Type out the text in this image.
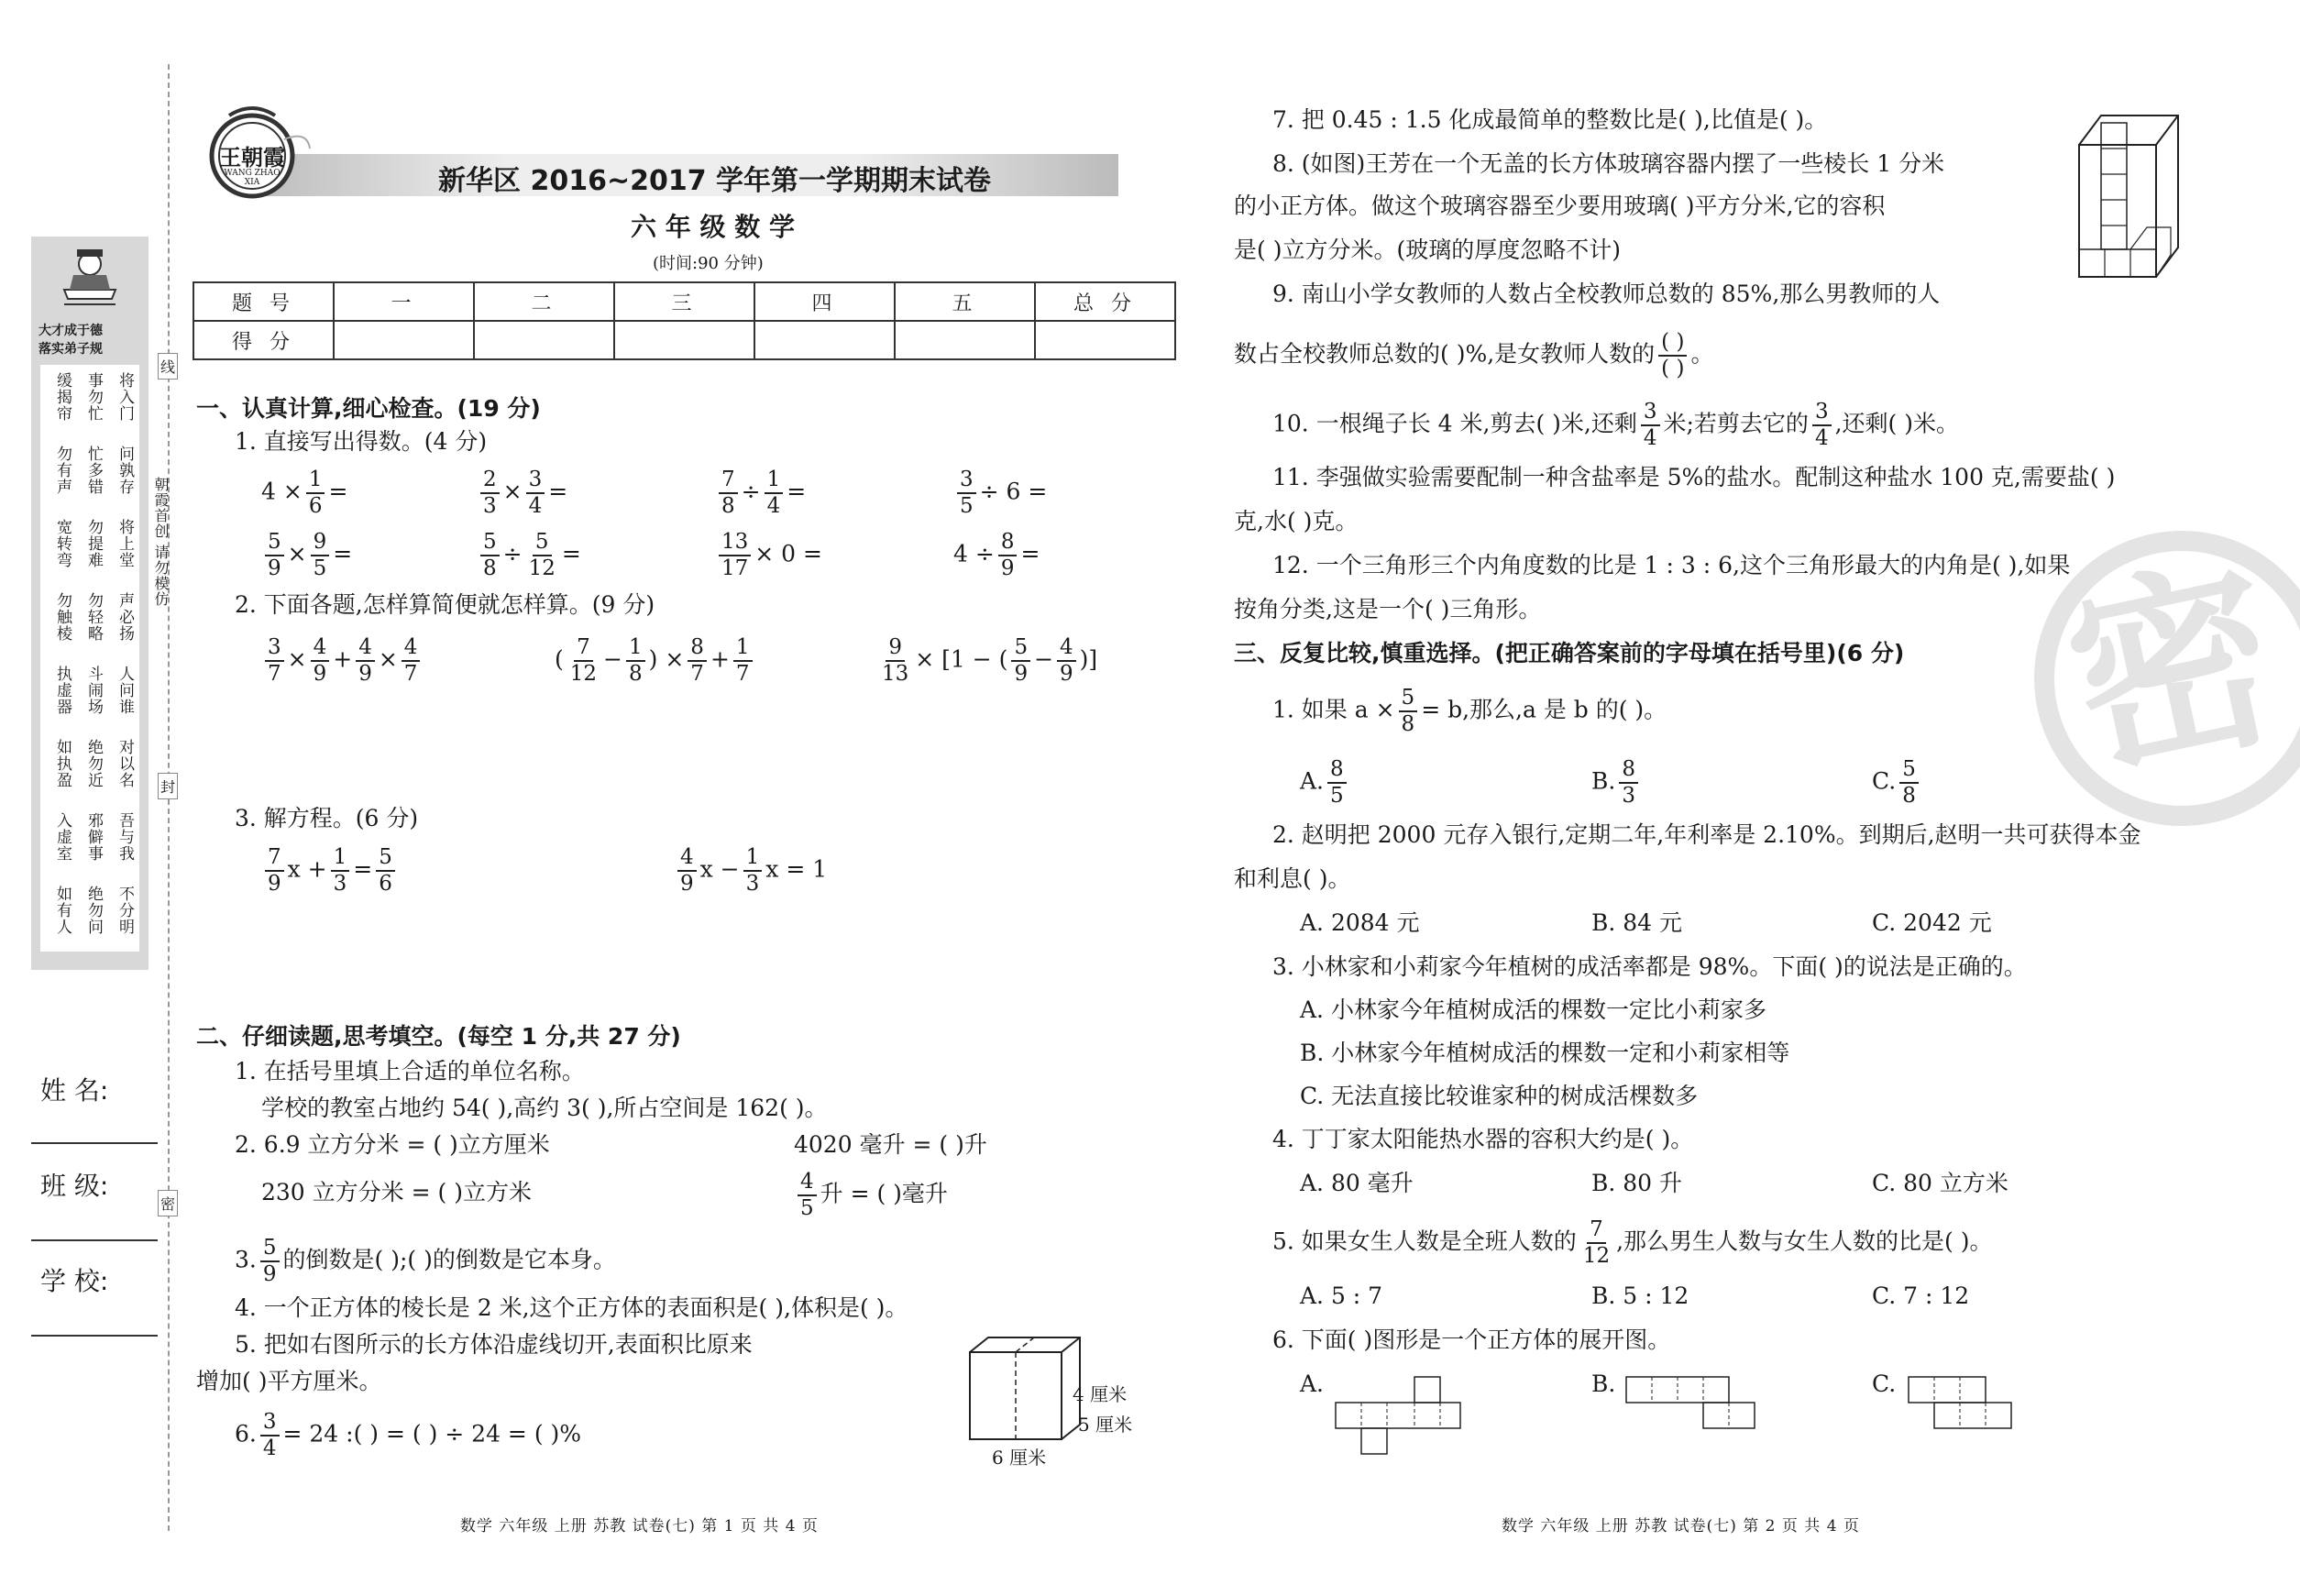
线
封
密
朝霞首创 请勿模仿
大才成于德
落实弟子规
将入门
事勿忙
缓揭帘
问孰存
忙多错
勿有声
将上堂
勿提难
宽转弯
声必扬
勿轻略
勿触棱
人问谁
斗闹场
执虚器
对以名
绝勿近
如执盈
吾与我
邪僻事
入虚室
不分明
绝勿问
如有人
姓 名:
班 级:
学 校:
王朝霞
WANG ZHAO XIA	新华区 2016~2017 学年第一学期期末试卷
六 年 级 数 学
(时间:90 分钟)
题 号	一	二	三	四	五	总 分
得 分						
一、认真计算,细心检查。(19 分)
1. 直接写出得数。(4 分)
$4 \times \frac{1}{6}$ =	$\frac{2}{3} \times \frac{3}{4}$ =	$\frac{7}{8} \div \frac{1}{4}$ =	$\frac{3}{5} \div 6$ =
$\frac{5}{9} \times \frac{9}{5}$ =	$\frac{5}{8} \div \frac{5}{12}$ =	$\frac{13}{17} \times 0$ =	$4 \div \frac{8}{9}$ =
2. 下面各题,怎样算简便就怎样算。(9 分)
$\frac{3}{7} \times \frac{4}{9} + \frac{4}{9} \times \frac{4}{7}$	( $\frac{7}{12} - \frac{1}{8}$ ) × $\frac{8}{7} + \frac{1}{7}$	$\frac{9}{13} \times [1$ − ( $\frac{5}{9} - \frac{4}{9}$ )]
3. 解方程。(6 分)
$\frac{7}{9}$ $x + \frac{1}{3} = \frac{5}{6}$	$\frac{4}{9}$ $x - \frac{1}{3}$ x = 1
二、仔细读题,思考填空。(每空 1 分,共 27 分)
1. 在括号里填上合适的单位名称。
学校的教室占地约 54( ),高约 3( ),所占空间是 162( )。
2. 6.9 立方分米 = ( )立方厘米	4020 毫升 = ( )升
230 立方分米 = ( )立方米	$\frac{4}{5}$ 升 = ( )毫升
3. $\frac{5}{9}$ 的倒数是( );( )的倒数是它本身。
4. 一个正方体的棱长是 2 米,这个正方体的表面积是( ),体积是( )。
5. 把如右图所示的长方体沿虚线切开,表面积比原来
增加( )平方厘米。
6. $\frac{3}{4} = 24$ :( ) = ( ) ÷ 24 = ( )%
4 厘米
5 厘米
6 厘米
数学 六年级 上册 苏教 试卷(七) 第 1 页 共 4 页
密
7. 把 0.45 : 1.5 化成最简单的整数比是( ),比值是( )。
8. (如图)王芳在一个无盖的长方体玻璃容器内摆了一些棱长 1 分米
的小正方体。做这个玻璃容器至少要用玻璃( )平方分米,它的容积
是( )立方分米。(玻璃的厚度忽略不计)
9. 南山小学女教师的人数占全校教师总数的 85%,那么男教师的人
数占全校教师总数的( )%,是女教师人数的 $\frac{( )}{( )}$ 。
10. 一根绳子长 4 米,剪去( )米,还剩 $\frac{3}{4}$ 米;若剪去它的 $\frac{3}{4}$ ,还剩( )米。
11. 李强做实验需要配制一种含盐率是 5%的盐水。配制这种盐水 100 克,需要盐( )
克,水( )克。
12. 一个三角形三个内角度数的比是 1 : 3 : 6,这个三角形最大的内角是( ),如果
按角分类,这是一个( )三角形。
三、反复比较,慎重选择。(把正确答案前的字母填在括号里)(6 分)
1. 如果 $a \times \frac{5}{8} = b$,那么,a 是 b 的( )。
A. $\frac{8}{5}$	B. $\frac{8}{3}$	C. $\frac{5}{8}$
2. 赵明把 2000 元存入银行,定期二年,年利率是 2.10%。到期后,赵明一共可获得本金
和利息( )。
A. 2084 元	B. 84 元	C. 2042 元
3. 小林家和小莉家今年植树的成活率都是 98%。下面( )的说法是正确的。
A. 小林家今年植树成活的棵数一定比小莉家多
B. 小林家今年植树成活的棵数一定和小莉家相等
C. 无法直接比较谁家种的树成活棵数多
4. 丁丁家太阳能热水器的容积大约是( )。
A. 80 毫升	B. 80 升	C. 80 立方米
5. 如果女生人数是全班人数的 $\frac{7}{12}$ ,那么男生人数与女生人数的比是( )。
A. 5 : 7	B. 5 : 12	C. 7 : 12
6. 下面( )图形是一个正方体的展开图。
A.	B.	C.
数学 六年级 上册 苏教 试卷(七) 第 2 页 共 4 页
